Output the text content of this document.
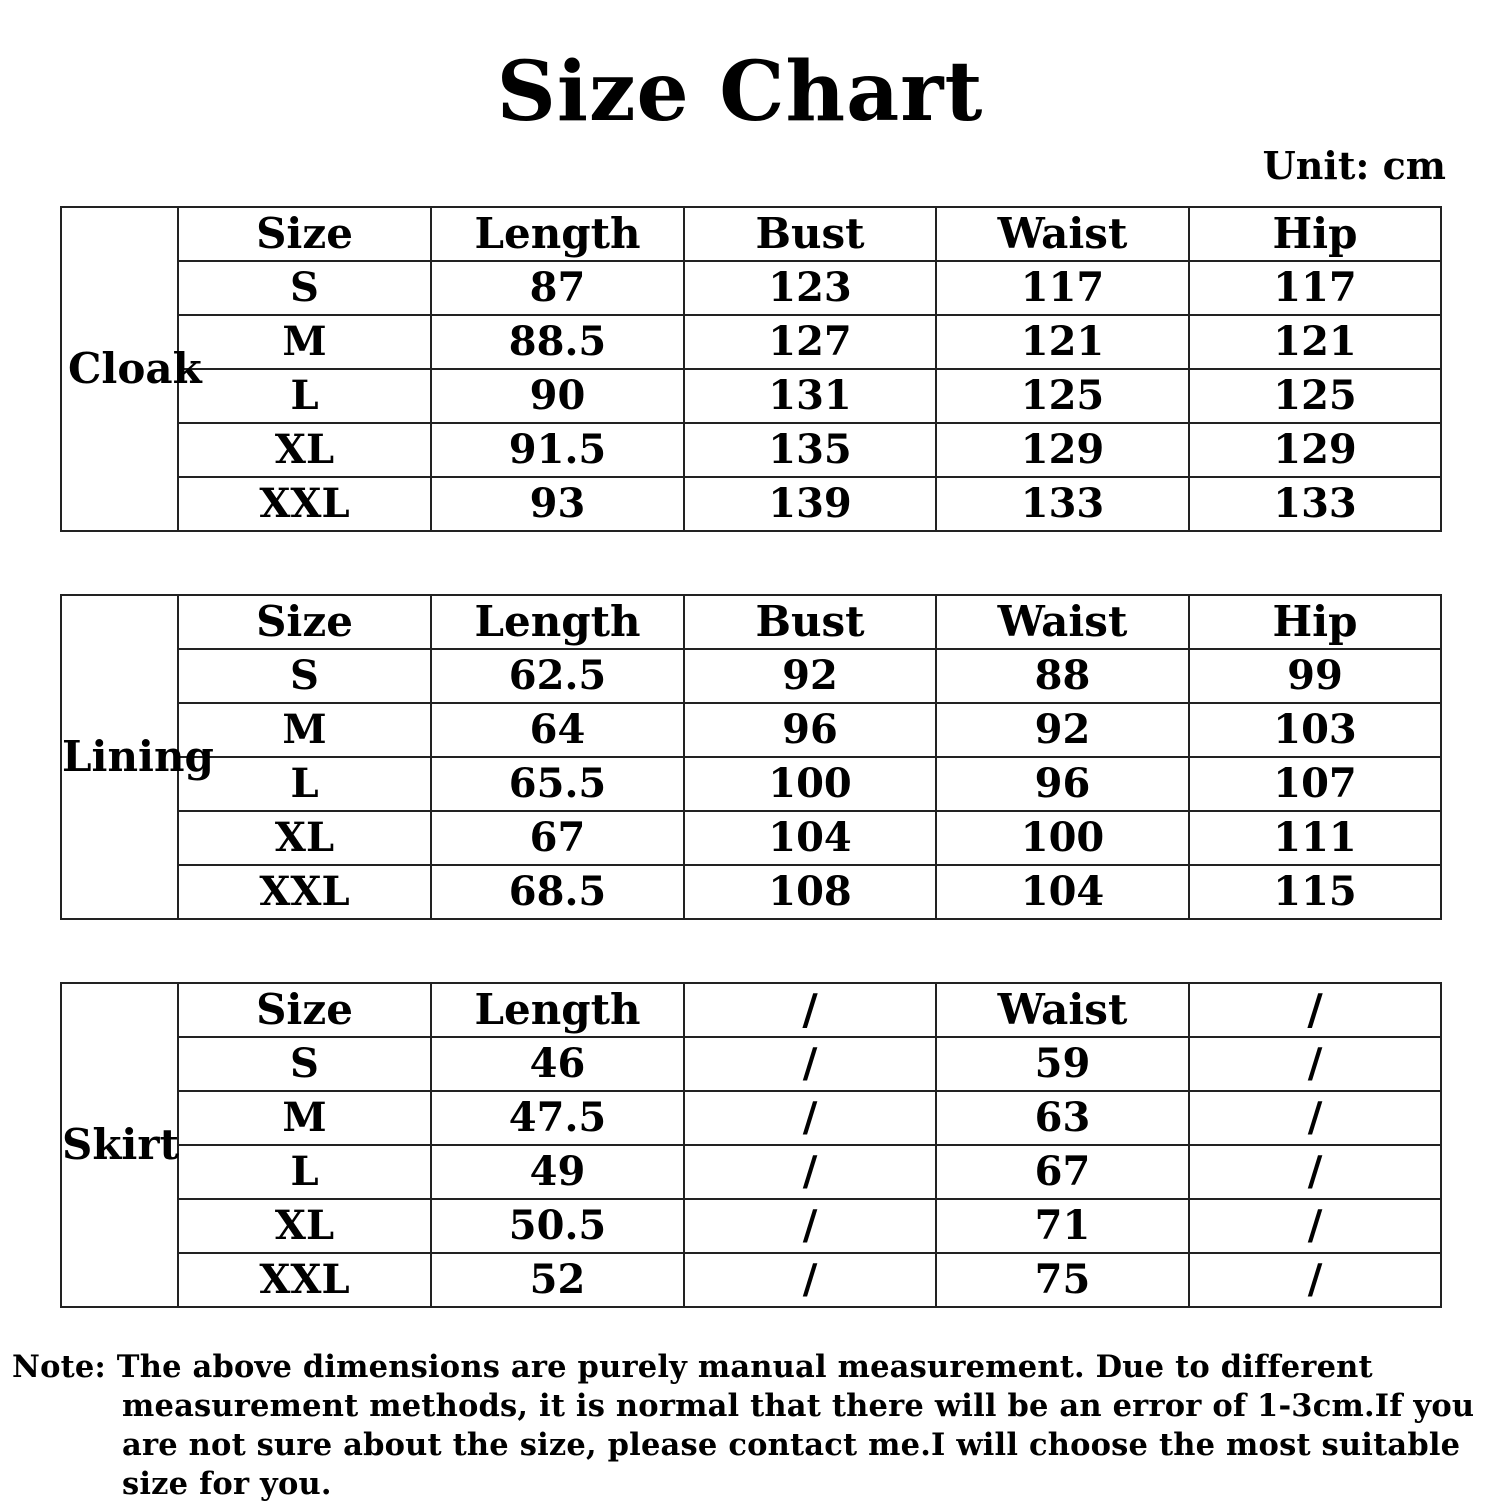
Size Chart
Unit: cm
Cloak	Size	Length	Bust	Waist	Hip
	S	87	123	117	117
	M	88.5	127	121	121
	L	90	131	125	125
	XL	91.5	135	129	129
	XXL	93	139	133	133
Lining	Size	Length	Bust	Waist	Hip
	S	62.5	92	88	99
	M	64	96	92	103
	L	65.5	100	96	107
	XL	67	104	100	111
	XXL	68.5	108	104	115
Skirt	Size	Length	/	Waist	/
	S	46	/	59	/
	M	47.5	/	63	/
	L	49	/	67	/
	XL	50.5	/	71	/
	XXL	52	/	75	/
Note: The above dimensions are purely manual measurement. Due to different measurement methods, it is normal that there will be an error of 1-3cm.If you are not sure about the size, please contact me.I will choose the most suitable size for you.
